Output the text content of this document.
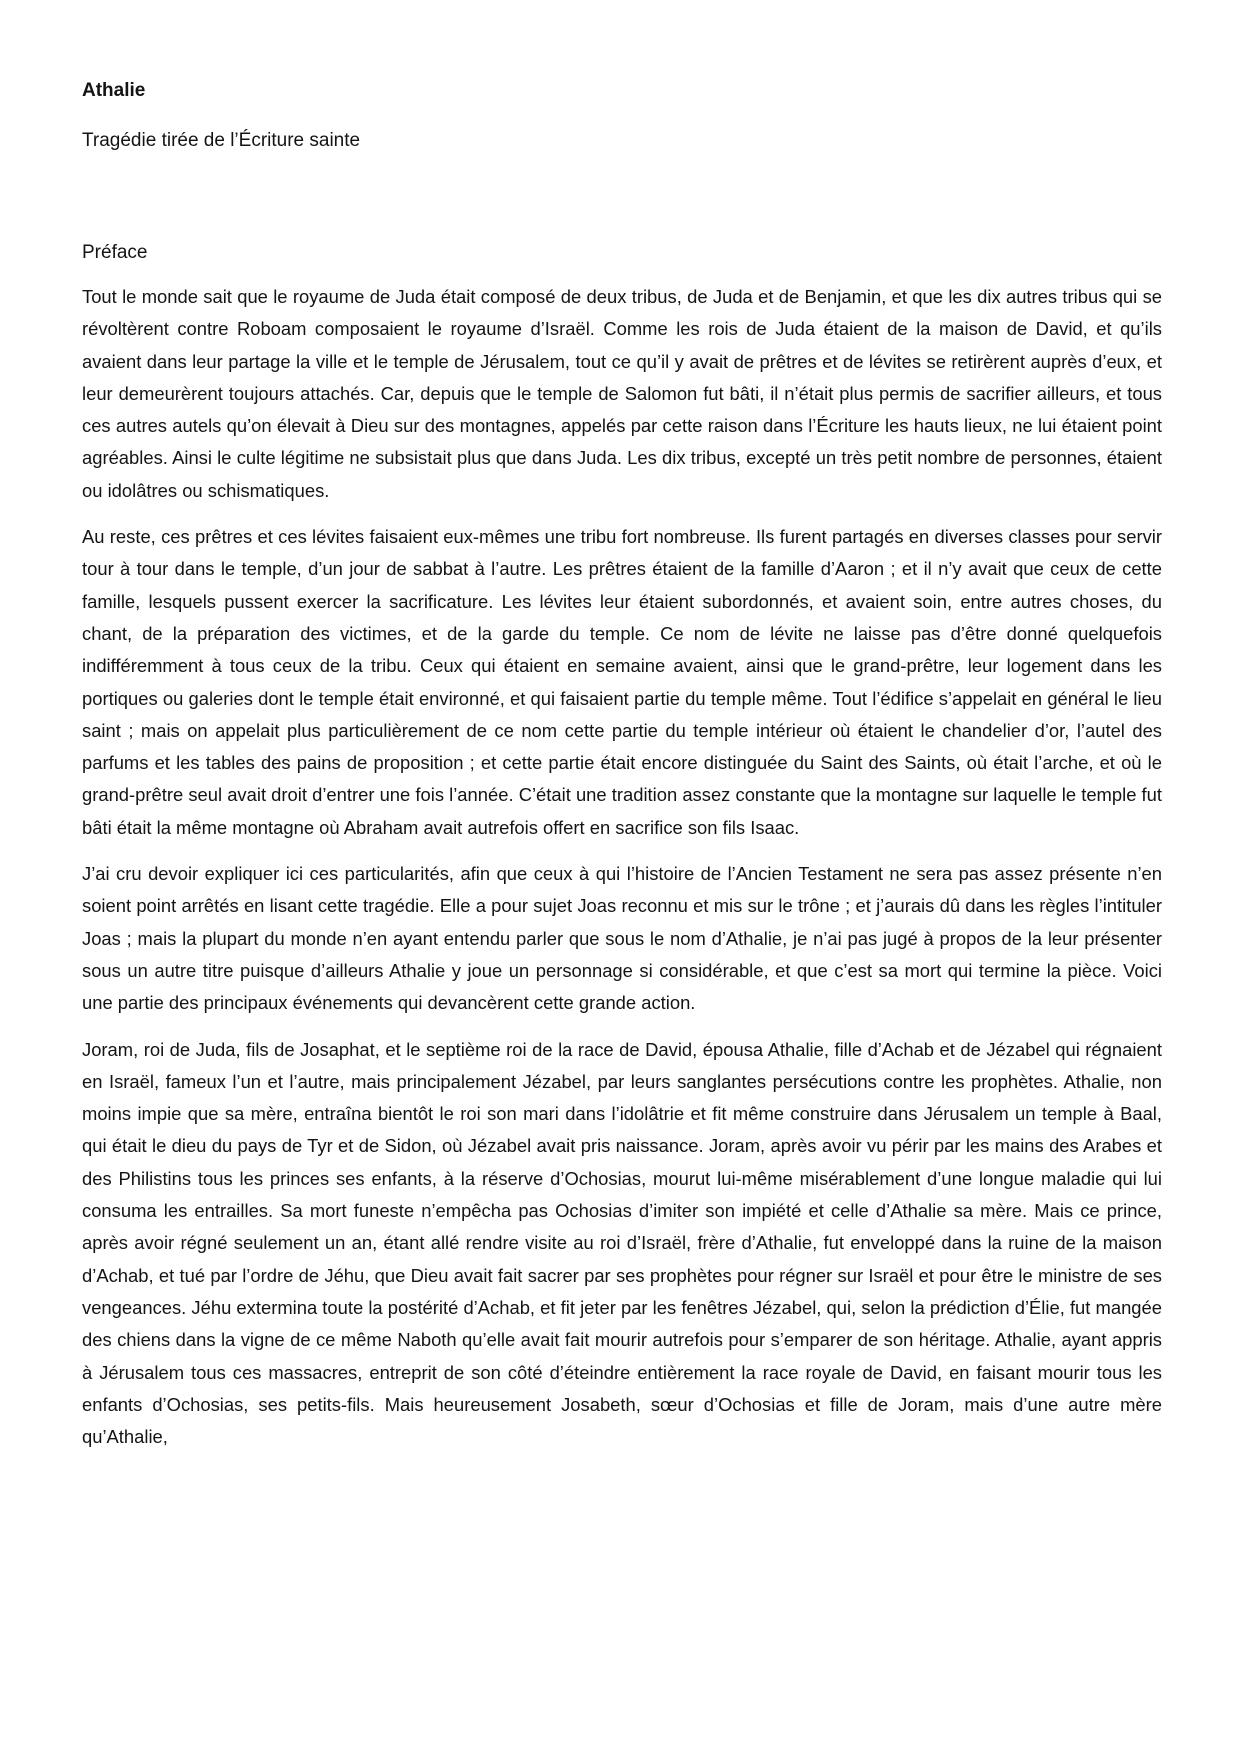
Athalie

Tragédie tirée de l’Écriture sainte

Préface

Tout le monde sait que le royaume de Juda était composé de deux tribus, de Juda et de Benjamin, et que les dix autres tribus qui se révoltèrent contre Roboam composaient le royaume d’Israël. Comme les rois de Juda étaient de la maison de David, et qu’ils avaient dans leur partage la ville et le temple de Jérusalem, tout ce qu’il y avait de prêtres et de lévites se retirèrent auprès d’eux, et leur demeurèrent toujours attachés. Car, depuis que le temple de Salomon fut bâti, il n’était plus permis de sacrifier ailleurs, et tous ces autres autels qu’on élevait à Dieu sur des montagnes, appelés par cette raison dans l’Écriture les hauts lieux, ne lui étaient point agréables. Ainsi le culte légitime ne subsistait plus que dans Juda. Les dix tribus, excepté un très petit nombre de personnes, étaient ou idolâtres ou schismatiques.

Au reste, ces prêtres et ces lévites faisaient eux-mêmes une tribu fort nombreuse. Ils furent partagés en diverses classes pour servir tour à tour dans le temple, d’un jour de sabbat à l’autre. Les prêtres étaient de la famille d’Aaron ; et il n’y avait que ceux de cette famille, lesquels pussent exercer la sacrificature. Les lévites leur étaient subordonnés, et avaient soin, entre autres choses, du chant, de la préparation des victimes, et de la garde du temple. Ce nom de lévite ne laisse pas d’être donné quelquefois indifféremment à tous ceux de la tribu. Ceux qui étaient en semaine avaient, ainsi que le grand-prêtre, leur logement dans les portiques ou galeries dont le temple était environné, et qui faisaient partie du temple même. Tout l’édifice s’appelait en général le lieu saint ; mais on appelait plus particulièrement de ce nom cette partie du temple intérieur où étaient le chandelier d’or, l’autel des parfums et les tables des pains de proposition ; et cette partie était encore distinguée du Saint des Saints, où était l’arche, et où le grand-prêtre seul avait droit d’entrer une fois l’année. C’était une tradition assez constante que la montagne sur laquelle le temple fut bâti était la même montagne où Abraham avait autrefois offert en sacrifice son fils Isaac.

J’ai cru devoir expliquer ici ces particularités, afin que ceux à qui l’histoire de l’Ancien Testament ne sera pas assez présente n’en soient point arrêtés en lisant cette tragédie. Elle a pour sujet Joas reconnu et mis sur le trône ; et j’aurais dû dans les règles l’intituler Joas ; mais la plupart du monde n’en ayant entendu parler que sous le nom d’Athalie, je n’ai pas jugé à propos de la leur présenter sous un autre titre puisque d’ailleurs Athalie y joue un personnage si considérable, et que c’est sa mort qui termine la pièce. Voici une partie des principaux événements qui devancèrent cette grande action.

Joram, roi de Juda, fils de Josaphat, et le septième roi de la race de David, épousa Athalie, fille d’Achab et de Jézabel qui régnaient en Israël, fameux l’un et l’autre, mais principalement Jézabel, par leurs sanglantes persécutions contre les prophètes. Athalie, non moins impie que sa mère, entraîna bientôt le roi son mari dans l’idolâtrie et fit même construire dans Jérusalem un temple à Baal, qui était le dieu du pays de Tyr et de Sidon, où Jézabel avait pris naissance. Joram, après avoir vu périr par les mains des Arabes et des Philistins tous les princes ses enfants, à la réserve d’Ochosias, mourut lui-même misérablement d’une longue maladie qui lui consuma les entrailles. Sa mort funeste n’empêcha pas Ochosias d’imiter son impiété et celle d’Athalie sa mère. Mais ce prince, après avoir régné seulement un an, étant allé rendre visite au roi d’Israël, frère d’Athalie, fut enveloppé dans la ruine de la maison d’Achab, et tué par l’ordre de Jéhu, que Dieu avait fait sacrer par ses prophètes pour régner sur Israël et pour être le ministre de ses vengeances. Jéhu extermina toute la postérité d’Achab, et fit jeter par les fenêtres Jézabel, qui, selon la prédiction d’Élie, fut mangée des chiens dans la vigne de ce même Naboth qu’elle avait fait mourir autrefois pour s’emparer de son héritage. Athalie, ayant appris à Jérusalem tous ces massacres, entreprit de son côté d’éteindre entièrement la race royale de David, en faisant mourir tous les enfants d’Ochosias, ses petits-fils. Mais heureusement Josabeth, sœur d’Ochosias et fille de Joram, mais d’une autre mère qu’Athalie,
